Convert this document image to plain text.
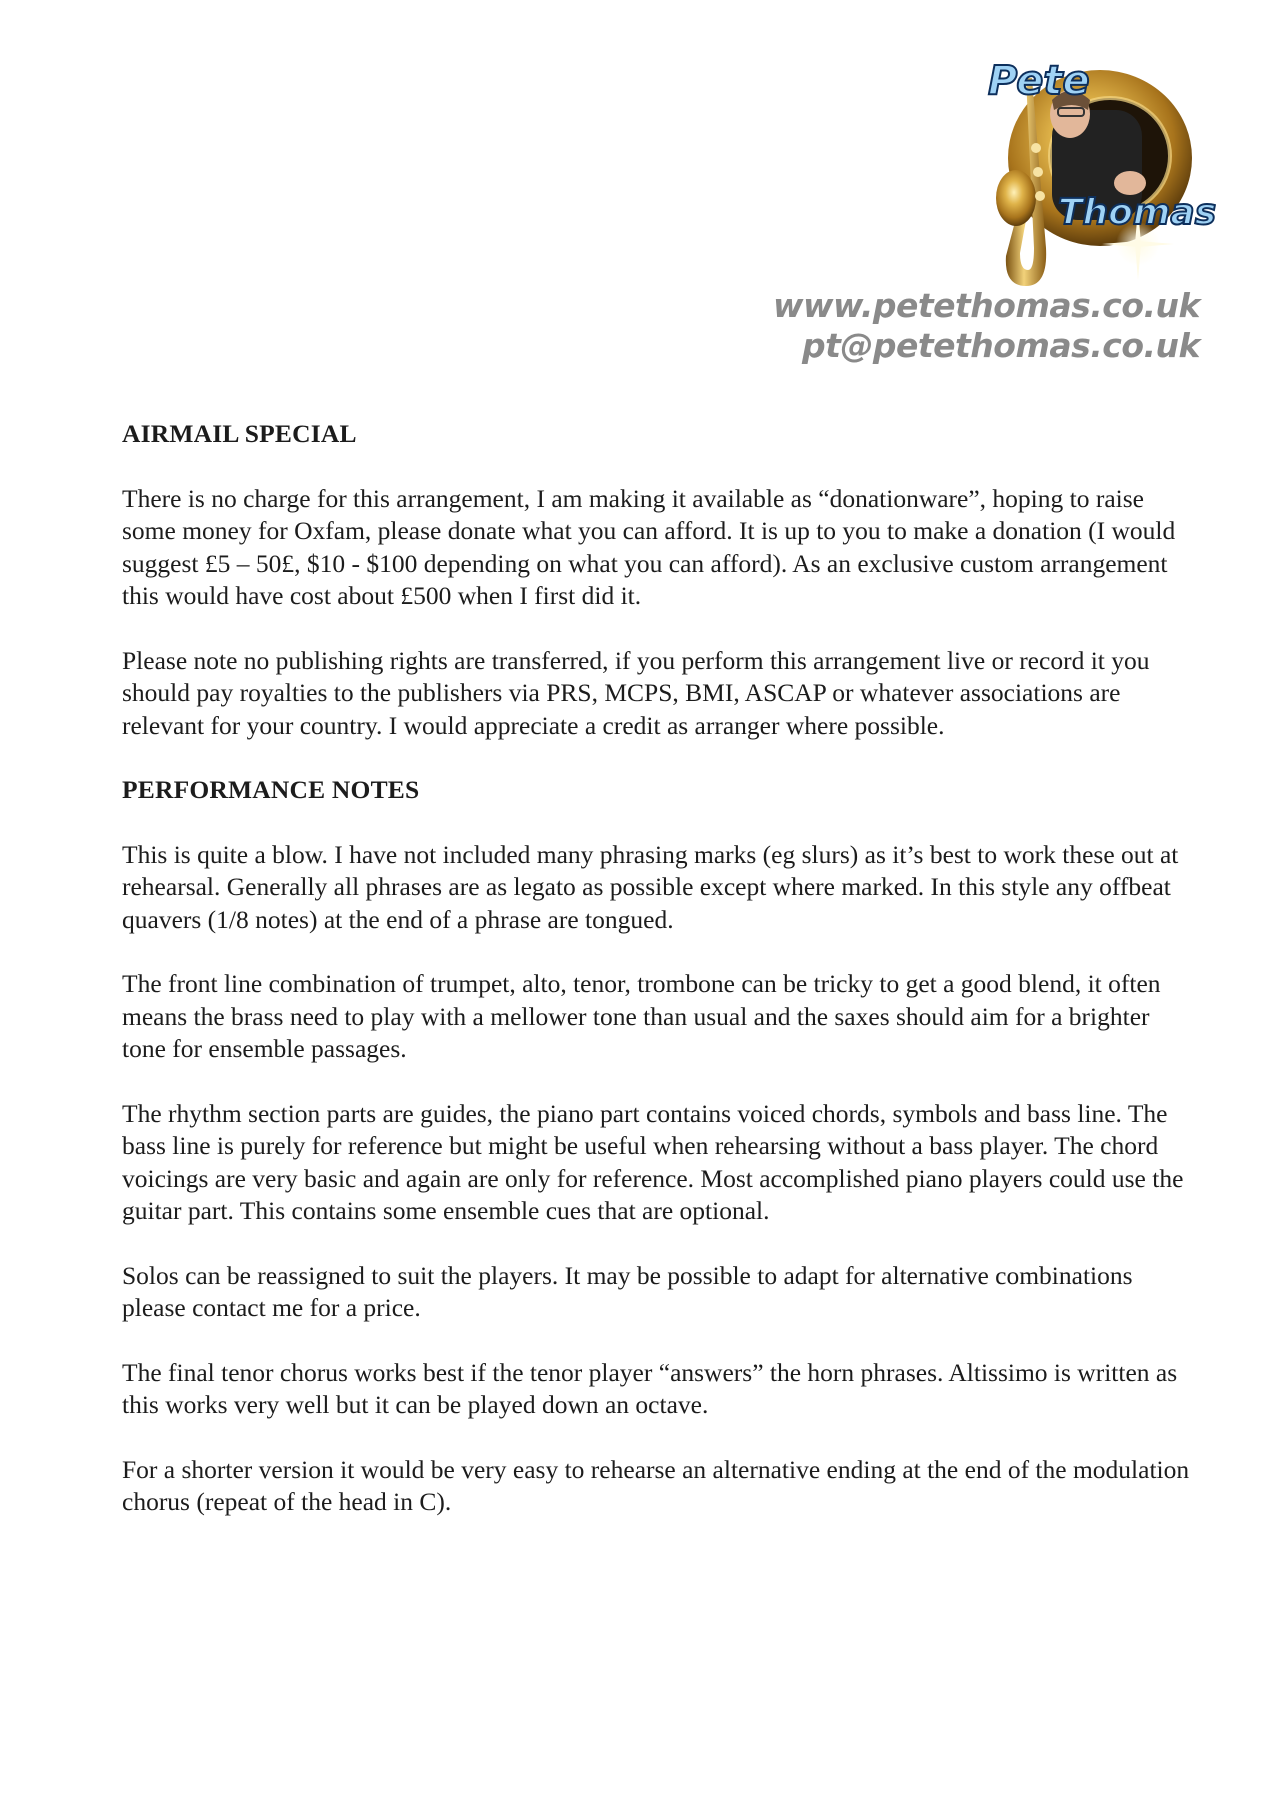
Pete
Thomas
www.petethomas.co.uk
pt@petethomas.co.uk
AIRMAIL SPECIAL

There is no charge for this arrangement, I am making it available as “donationware”, hoping to raise some money for Oxfam, please donate what you can afford. It is up to you to make a donation (I would suggest £5 – 50£, $10 - $100 depending on what you can afford). As an exclusive custom arrangement this would have cost about £500 when I first did it.

Please note no publishing rights are transferred, if you perform this arrangement live or record it you should pay royalties to the publishers via PRS, MCPS, BMI, ASCAP or whatever associations are relevant for your country. I would appreciate a credit as arranger where possible.

PERFORMANCE NOTES

This is quite a blow. I have not included many phrasing marks (eg slurs) as it’s best to work these out at rehearsal. Generally all phrases are as legato as possible except where marked. In this style any offbeat quavers (1/8 notes) at the end of a phrase are tongued.

The front line combination of trumpet, alto, tenor, trombone can be tricky to get a good blend, it often means the brass need to play with a mellower tone than usual and the saxes should aim for a brighter tone for ensemble passages.

The rhythm section parts are guides, the piano part contains voiced chords, symbols and bass line. The bass line is purely for reference but might be useful when rehearsing without a bass player. The chord voicings are very basic and again are only for reference. Most accomplished piano players could use the guitar part. This contains some ensemble cues that are optional.

Solos can be reassigned to suit the players. It may be possible to adapt for alternative combinations please contact me for a price.

The final tenor chorus works best if the tenor player “answers” the horn phrases. Altissimo is written as this works very well but it can be played down an octave.

For a shorter version it would be very easy to rehearse an alternative ending at the end of the modulation chorus (repeat of the head in C).
